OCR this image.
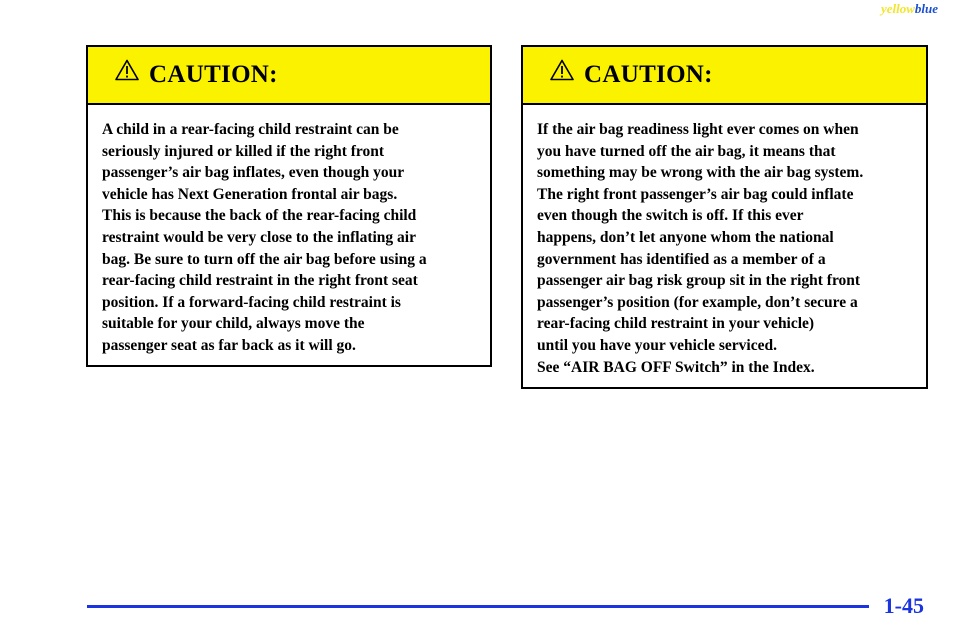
yellowblue
CAUTION:
A child in a rear-facing child restraint can be
seriously injured or killed if the right front
passenger’s air bag inflates, even though your
vehicle has Next Generation frontal air bags.
This is because the back of the rear-facing child
restraint would be very close to the inflating air
bag. Be sure to turn off the air bag before using a
rear-facing child restraint in the right front seat
position. If a forward-facing child restraint is
suitable for your child, always move the
passenger seat as far back as it will go.
CAUTION:
If the air bag readiness light ever comes on when
you have turned off the air bag, it means that
something may be wrong with the air bag system.
The right front passenger’s air bag could inflate
even though the switch is off. If this ever
happens, don’t let anyone whom the national
government has identified as a member of a
passenger air bag risk group sit in the right front
passenger’s position (for example, don’t secure a
rear-facing child restraint in your vehicle)
until you have your vehicle serviced.
See “AIR BAG OFF Switch” in the Index.
1-45
